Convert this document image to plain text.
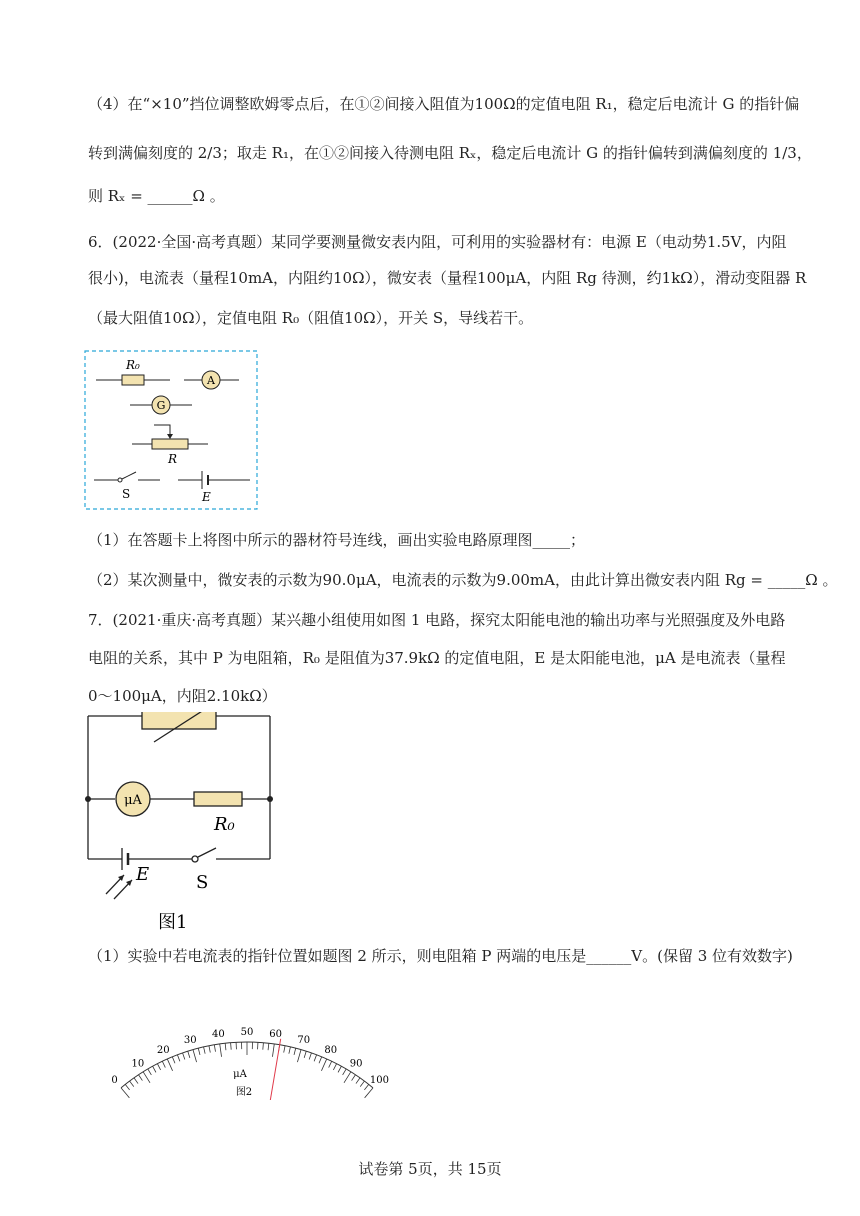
（4）在“×10”挡位调整欧姆零点后，在①②间接入阻值为100Ω的定值电阻 R₁，稳定后电流计 G 的指针偏
转到满偏刻度的 2/3；取走 R₁，在①②间接入待测电阻 Rₓ，稳定后电流计 G 的指针偏转到满偏刻度的 1/3，
则 Rₓ = ______Ω 。
6．(2022·全国·高考真题）某同学要测量微安表内阻，可利用的实验器材有：电源 E（电动势1.5V，内阻
很小)，电流表（量程10mA，内阻约10Ω），微安表（量程100μA，内阻 Rg 待测，约1kΩ），滑动变阻器 R
（最大阻值10Ω），定值电阻 R₀（阻值10Ω），开关 S，导线若干。
R₀
A
G
R
S	E
（1）在答题卡上将图中所示的器材符号连线，画出实验电路原理图_____；
（2）某次测量中，微安表的示数为90.0μA，电流表的示数为9.00mA，由此计算出微安表内阻 Rg = _____Ω 。
7．(2021·重庆·高考真题）某兴趣小组使用如图 1 电路，探究太阳能电池的输出功率与光照强度及外电路
电阻的关系，其中 P 为电阻箱，R₀ 是阻值为37.9kΩ 的定值电阻，E 是太阳能电池，μA 是电流表（量程
0～100μA，内阻2.10kΩ）
μA
R₀
S
E
图1
（1）实验中若电流表的指针位置如题图 2 所示，则电阻箱 P 两端的电压是______V。(保留 3 位有效数字)
0
10
20
30
40 50 60
70
80
90
100
μA
图2
试卷第 5页，共 15页
